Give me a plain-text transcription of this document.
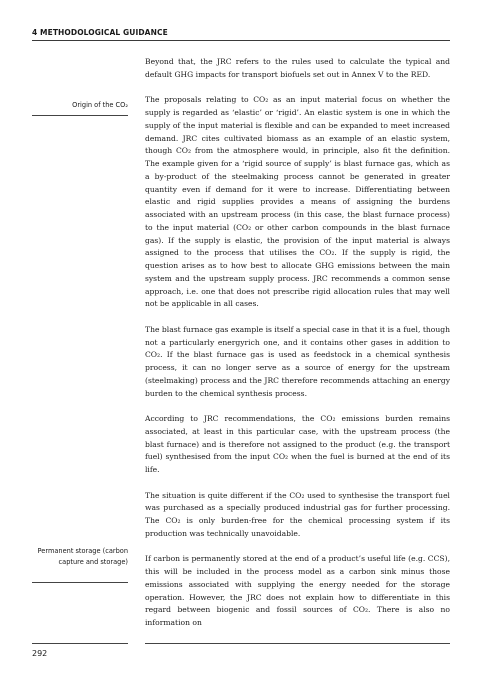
4 METHODOLOGICAL GUIDANCE
Origin of the CO₂
Permanent storage (carbon capture and storage)

Beyond that, the JRC refers to the rules used to calculate the typical and default GHG impacts for transport biofuels set out in Annex V to the RED.

The proposals relating to CO₂ as an input material focus on whether the supply is regarded as ‘elastic’ or ‘rigid’. An elastic system is one in which the supply of the input material is flexible and can be expanded to meet increased demand. JRC cites cultivated biomass as an example of an elastic system, though CO₂ from the atmosphere would, in principle, also fit the definition. The example given for a ‘rigid source of supply’ is blast furnace gas, which as a by-product of the steelmaking process cannot be generated in greater quantity even if demand for it were to increase. Differentiating between elastic and rigid supplies provides a means of assigning the burdens associated with an upstream process (in this case, the blast furnace process) to the input material (CO₂ or other carbon compounds in the blast furnace gas). If the supply is elastic, the provision of the input material is always assigned to the process that utilises the CO₂. If the supply is rigid, the question arises as to how best to allocate GHG emissions between the main system and the upstream supply process. JRC recommends a common sense approach, i.e. one that does not prescribe rigid allocation rules that may well not be applicable in all cases.

The blast furnace gas example is itself a special case in that it is a fuel, though not a particularly energyrich one, and it contains other gases in addition to CO₂. If the blast furnace gas is used as feedstock in a chemical synthesis process, it can no longer serve as a source of energy for the upstream (steelmaking) process and the JRC therefore recommends attaching an energy burden to the chemical synthesis process.

According to JRC recommendations, the CO₂ emissions burden remains associated, at least in this particular case, with the upstream process (the blast furnace) and is therefore not assigned to the product (e.g. the transport fuel) synthesised from the input CO₂ when the fuel is burned at the end of its life.

The situation is quite different if the CO₂ used to synthesise the transport fuel was purchased as a specially produced industrial gas for further processing. The CO₂ is only burden-free for the chemical processing system if its production was technically unavoidable.

If carbon is permanently stored at the end of a product’s useful life (e.g. CCS), this will be included in the process model as a carbon sink minus those emissions associated with supplying the energy needed for the storage operation. However, the JRC does not explain how to differentiate in this regard between biogenic and fossil sources of CO₂. There is also no information on

292
